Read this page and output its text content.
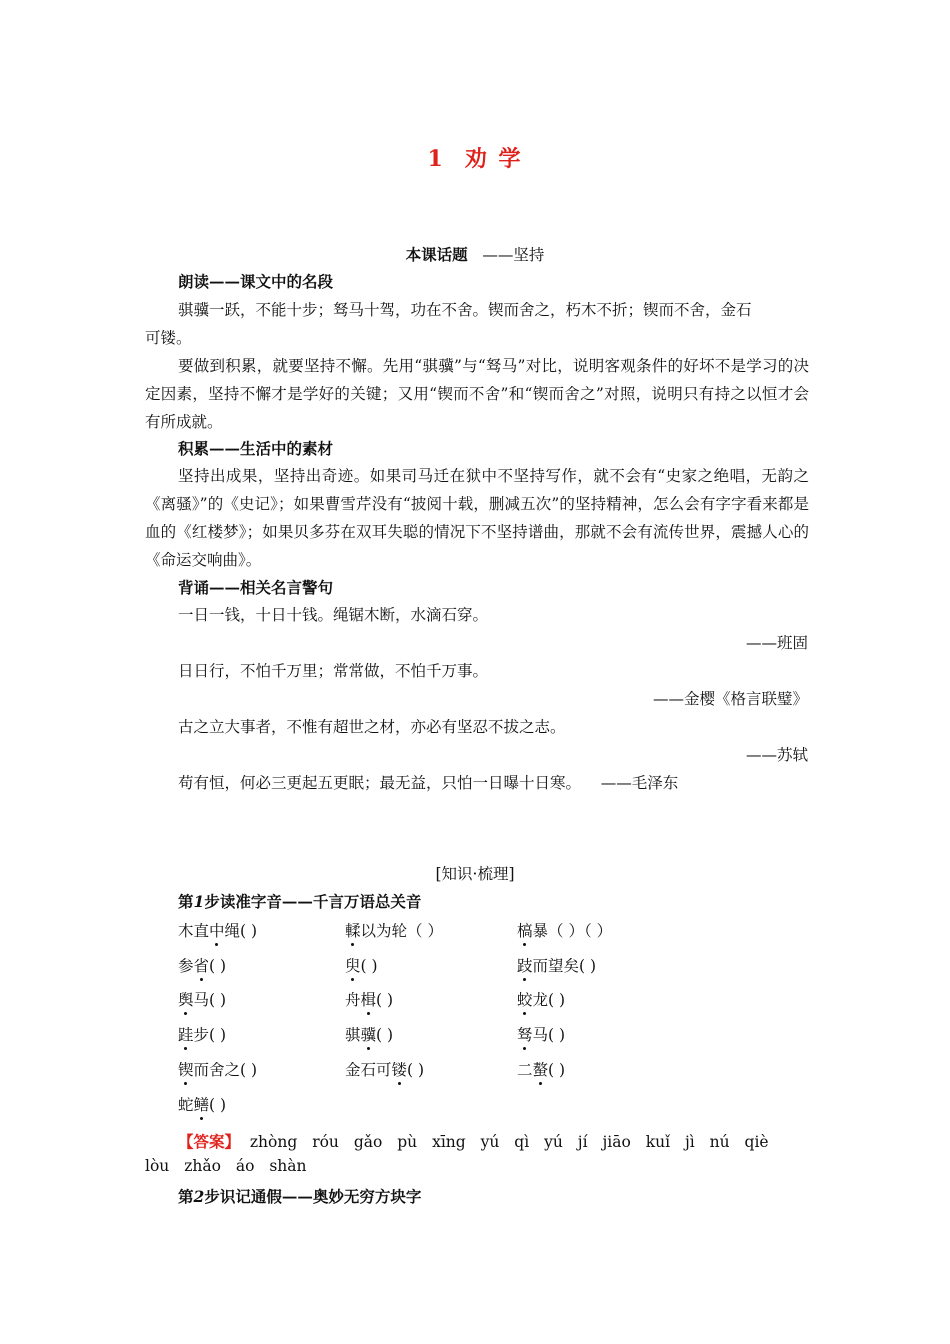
1 劝 学
本课话题 ——坚持
朗读——课文中的名段
骐骥一跃，不能十步；驽马十驾，功在不舍。锲而舍之，朽木不折；锲而不舍，金石
可镂。
要做到积累，就要坚持不懈。先用“骐骥”与“驽马”对比，说明客观条件的好坏不是学习的决定因素，坚持不懈才是学好的关键；又用“锲而不舍”和“锲而舍之”对照，说明只有持之以恒才会有所成就。
积累——生活中的素材
坚持出成果，坚持出奇迹。如果司马迁在狱中不坚持写作，就不会有“史家之绝唱，无韵之《离骚》”的《史记》；如果曹雪芹没有“披阅十载，删减五次”的坚持精神，怎么会有字字看来都是血的《红楼梦》；如果贝多芬在双耳失聪的情况下不坚持谱曲，那就不会有流传世界，震撼人心的《命运交响曲》。
背诵——相关名言警句
一日一钱，十日十钱。绳锯木断，水滴石穿。
——班固
日日行，不怕千万里；常常做，不怕千万事。
——金樱《格言联璧》
古之立大事者，不惟有超世之材，亦必有坚忍不拔之志。
——苏轼
苟有恒，何必三更起五更眠；最无益，只怕一日曝十日寒。 ——毛泽东
[知识·梳理]
第1步读准字音——千言万语总关音
木直中绳( )	輮以为轮（ ）	槁暴（ ）（ ）
参省( )	臾( )	跂而望矣( )
舆马( )	舟楫( )	蛟龙( )
跬步( )	骐骥( )	驽马( )
锲而舍之( )	金石可镂( )	二螯( )
蛇鳝( )
【答案】 zhòng róu gǎo pù xīng yú qì yú jí jiāo kuǐ jì nú qiè
lòu zhǎo áo shàn
第2步识记通假——奥妙无穷方块字
